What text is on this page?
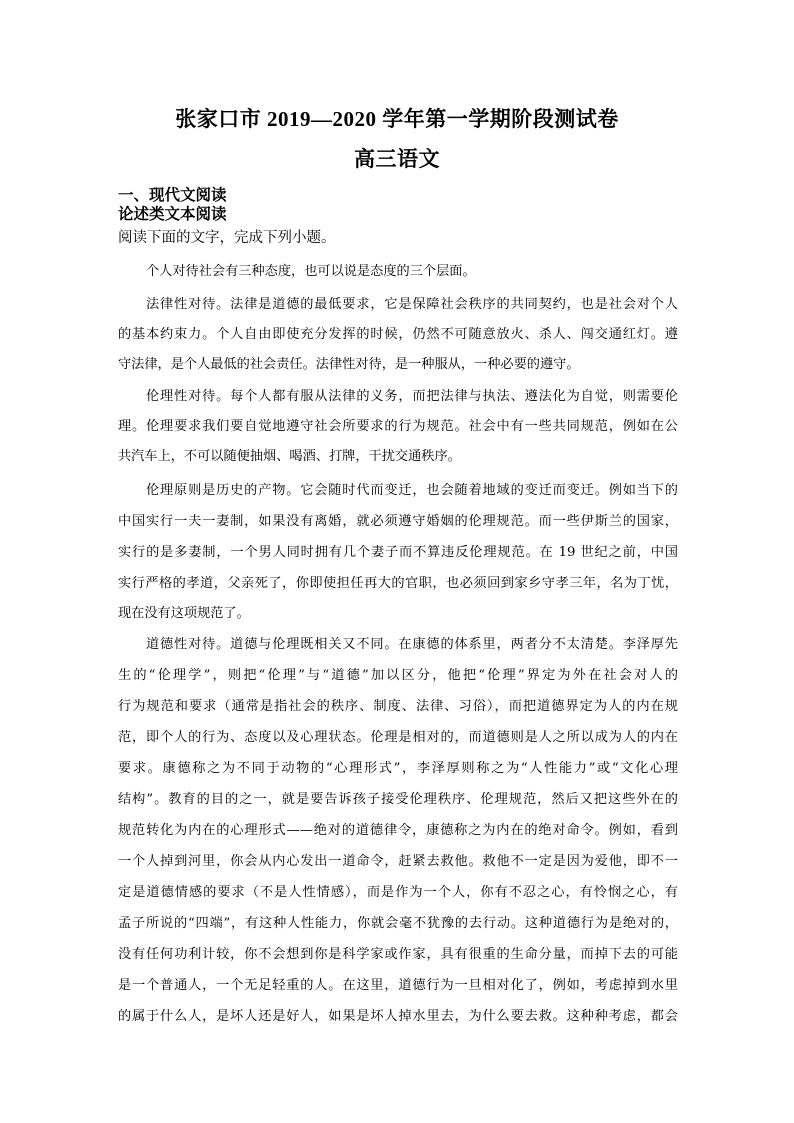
张家口市 2019—2020 学年第一学期阶段测试卷
高三语文
一、现代文阅读
论述类文本阅读
阅读下面的文字，完成下列小题。
个人对待社会有三种态度，也可以说是态度的三个层面。
法律性对待。法律是道德的最低要求，它是保障社会秩序的共同契约，也是社会对个人
的基本约束力。个人自由即使充分发挥的时候，仍然不可随意放火、杀人、闯交通红灯。遵
守法律，是个人最低的社会责任。法律性对待，是一种服从，一种必要的遵守。
伦理性对待。每个人都有服从法律的义务，而把法律与执法、遵法化为自觉，则需要伦
理。伦理要求我们要自觉地遵守社会所要求的行为规范。社会中有一些共同规范，例如在公
共汽车上，不可以随便抽烟、喝酒、打牌，干扰交通秩序。
伦理原则是历史的产物。它会随时代而变迁，也会随着地域的变迁而变迁。例如当下的
中国实行一夫一妻制，如果没有离婚，就必须遵守婚姻的伦理规范。而一些伊斯兰的国家，
实行的是多妻制，一个男人同时拥有几个妻子而不算违反伦理规范。在 19 世纪之前，中国
实行严格的孝道，父亲死了，你即使担任再大的官职，也必须回到家乡守孝三年，名为丁忧，
现在没有这项规范了。
道德性对待。道德与伦理既相关又不同。在康德的体系里，两者分不太清楚。李泽厚先
生的“伦理学”，则把“伦理”与“道德”加以区分，他把“伦理”界定为外在社会对人的
行为规范和要求（通常是指社会的秩序、制度、法律、习俗），而把道德界定为人的内在规
范，即个人的行为、态度以及心理状态。伦理是相对的，而道德则是人之所以成为人的内在
要求。康德称之为不同于动物的“心理形式”，李泽厚则称之为“人性能力”或“文化心理
结构”。教育的目的之一，就是要告诉孩子接受伦理秩序、伦理规范，然后又把这些外在的
规范转化为内在的心理形式——绝对的道德律令，康德称之为内在的绝对命令。例如，看到
一个人掉到河里，你会从内心发出一道命令，赶紧去救他。救他不一定是因为爱他，即不一
定是道德情感的要求（不是人性情感），而是作为一个人，你有不忍之心，有怜悯之心，有
孟子所说的“四端”，有这种人性能力，你就会毫不犹豫的去行动。这种道德行为是绝对的，
没有任何功利计较，你不会想到你是科学家或作家，具有很重的生命分量，而掉下去的可能
是一个普通人，一个无足轻重的人。在这里，道德行为一旦相对化了，例如，考虑掉到水里
的属于什么人，是坏人还是好人，如果是坏人掉水里去，为什么要去救。这种种考虑，都会
